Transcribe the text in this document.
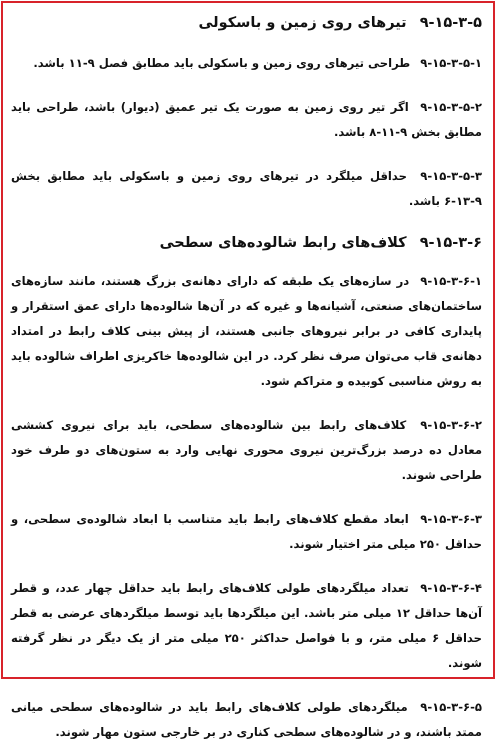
۹-۱۵-۳-۵ تیرهای روی زمین و باسکولی

۹-۱۵-۳-۵-۱ طراحی تیرهای روی زمین و باسکولی باید مطابق فصل ۹-۱۱ باشد.

۹-۱۵-۳-۵-۲ اگر تیر روی زمین به صورت یک تیر عمیق (دیوار) باشد، طراحی باید مطابق بخش ۹-۱۱-۸ باشد.

۹-۱۵-۳-۵-۳ حداقل میلگرد در تیرهای روی زمین و باسکولی باید مطابق بخش ۹-۱۳-۶ باشد.

۹-۱۵-۳-۶ کلاف‌های رابط شالوده‌های سطحی

۹-۱۵-۳-۶-۱ در سازه‌های یک طبقه که دارای دهانه‌ی بزرگ هستند، مانند سازه‌های ساختمان‌های صنعتی، آشیانه‌ها و غیره که در آن‌ها شالوده‌ها دارای عمق استقرار و پایداری کافی در برابر نیروهای جانبی هستند، از پیش بینی کلاف رابط در امتداد دهانه‌ی قاب می‌توان صرف نظر کرد. در این شالوده‌ها خاکریزی اطراف شالوده باید به روش مناسبی کوبیده و متراکم شود.

۹-۱۵-۳-۶-۲ کلاف‌های رابط بین شالوده‌های سطحی، باید برای نیروی کششی معادل ده درصد بزرگ‌ترین نیروی محوری نهایی وارد به ستون‌های دو طرف خود طراحی شوند.

۹-۱۵-۳-۶-۳ ابعاد مقطع کلاف‌های رابط باید متناسب با ابعاد شالوده‌ی سطحی، و حداقل ۲۵۰ میلی متر اختیار شوند.

۹-۱۵-۳-۶-۴ تعداد میلگردهای طولی کلاف‌های رابط باید حداقل چهار عدد، و قطر آن‌ها حداقل ۱۲ میلی متر باشد. این میلگردها باید توسط میلگردهای عرضی به قطر حداقل ۶ میلی متر، و با فواصل حداکثر ۲۵۰ میلی متر از یک دیگر در نظر گرفته شوند.

۹-۱۵-۳-۶-۵ میلگردهای طولی کلاف‌های رابط باید در شالوده‌های سطحی میانی ممتد باشند، و در شالوده‌های سطحی کناری در بر خارجی ستون مهار شوند.
